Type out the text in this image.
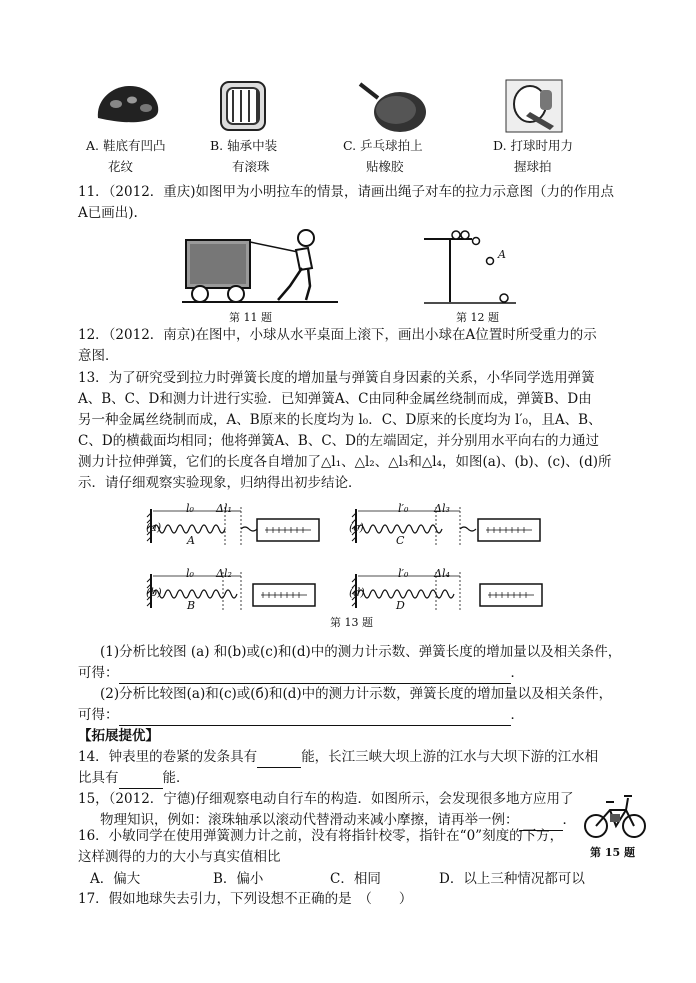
A. 鞋底有凹凸
花纹
B. 轴承中装
有滚珠
C. 乒乓球拍上
贴橡胶
D. 打球时用力
握球拍
11．（2012．重庆)如图甲为小明拉车的情景，请画出绳子对车的拉力示意图（力的作用点
A已画出).
第 11 题
A
第 12 题
12．（2012．南京)在图中，小球从水平桌面上滚下，画出小球在A位置时所受重力的示
意图．
13．为了研究受到拉力时弹簧长度的增加量与弹簧自身因素的关系，小华同学选用弹簧
A、B、C、D和测力计进行实验．已知弹簧A、C由同种金属丝绕制而成，弹簧B、D由
另一种金属丝绕制而成，A、B原来的长度均为 l₀．C、D原来的长度均为 l′₀，且A、B、
C、D的横截面均相同；他将弹簧A、B、C、D的左端固定，并分别用水平向右的力通过
测力计拉伸弹簧，它们的长度各自增加了△l₁、△l₂、△l₃和△l₄，如图(a)、(b)、(c)、(d)所
示．请仔细观察实验现象，归纳得出初步结论．
(a)
l₀ Δl₁
A
(b)
l₀ Δl₂
B
(c)
l′₀ Δl₃
C
(d)
l′₀ Δl₄
D
第 13 题
(1)分析比较图 (a) 和(b)或(c)和(d)中的测力计示数、弹簧长度的增加量以及相关条件，
可得：	．
(2)分析比较图(a)和(c)或(б)和(d)中的测力计示数，弹簧长度的增加量以及相关条件，
可得：	．
【拓展提优】
14．钟表里的卷紧的发条具有	能，长江三峡大坝上游的江水与大坝下游的江水相
比具有	能．
15，（2012．宁德)仔细观察电动自行车的构造．如图所示，会发现很多地方应用了
物理知识，例如：滚珠轴承以滚动代替滑动来减小摩擦，请再举一例：	．
第 15 题
16．小敏同学在使用弹簧测力计之前，没有将指针校零，指针在“0”刻度的下方，
这样测得的力的大小与真实值相比
A．偏大	B．偏小	C．相同	D．以上三种情况都可以
17．假如地球失去引力，下列设想不正确的是　（　　）
